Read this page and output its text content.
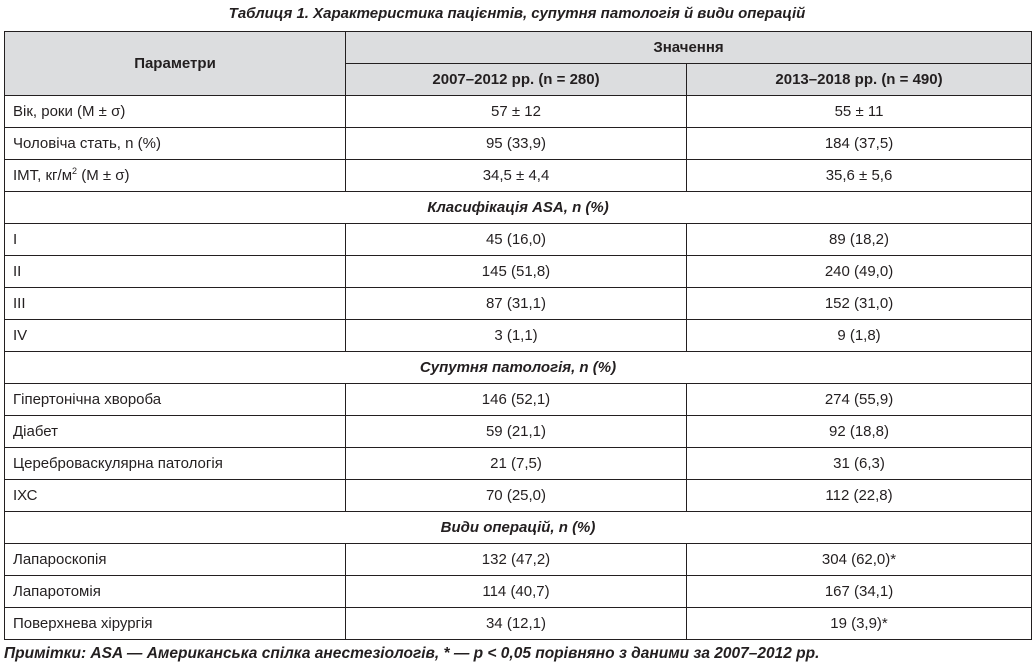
Таблиця 1. Характеристика пацієнтів, супутня патологія й види операцій
Параметри	Значення	
	2007–2012 рр. (n = 280)	2013–2018 рр. (n = 490)
Вік, роки (М ± σ)	57 ± 12	55 ± 11
Чоловіча стать, n (%)	95 (33,9)	184 (37,5)
ІМТ, $кг/м^2$ (М ± σ)	34,5 ± 4,4	35,6 ± 5,6
Класифікація ASA, n (%)		
І	45 (16,0)	89 (18,2)
ІІ	145 (51,8)	240 (49,0)
ІІІ	87 (31,1)	152 (31,0)
ІV	3 (1,1)	9 (1,8)
Супутня патологія, n (%)		
Гіпертонічна хвороба	146 (52,1)	274 (55,9)
Діабет	59 (21,1)	92 (18,8)
Цереброваскулярна патологія	21 (7,5)	31 (6,3)
ІХС	70 (25,0)	112 (22,8)
Види операцій, n (%)		
Лапароскопія	132 (47,2)	304 (62,0)*
Лапаротомія	114 (40,7)	167 (34,1)
Поверхнева хірургія	34 (12,1)	19 (3,9)*
Примітки: ASA — Американська спілка анестезіологів, * — р < 0,05 порівняно з даними за 2007–2012 рр.
